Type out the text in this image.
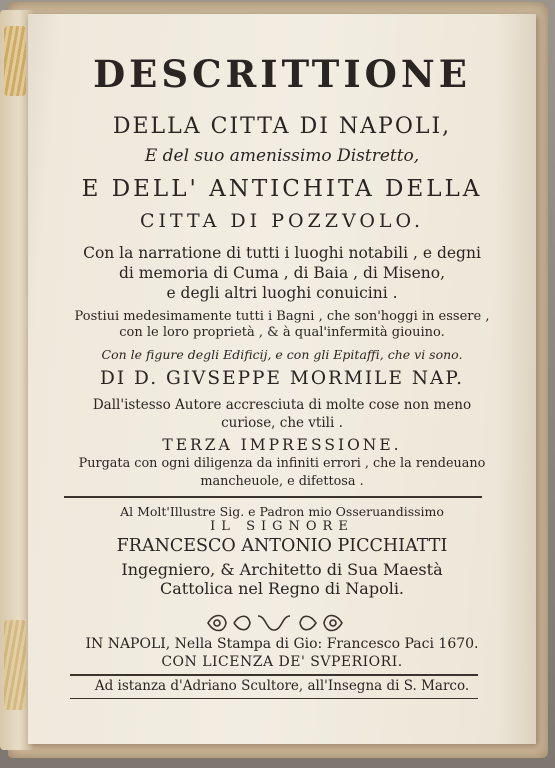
DESCRITTIONE
DELLA CITTA DI NAPOLI,
E del suo amenissimo Distretto,
E DELL' ANTICHITA DELLA
CITTA DI POZZVOLO.
Con la narratione di tutti i luoghi notabili , e degni
di memoria di Cuma , di Baia , di Miseno,
e degli altri luoghi conuicini .
Postiui medesimamente tutti i Bagni , che son'hoggi in essere ,
con le loro proprietà , & à qual'infermità giouino.
Con le figure degli Edificij, e con gli Epitaffi, che vi sono.
DI D. GIVSEPPE MORMILE NAP.
Dall'istesso Autore accresciuta di molte cose non meno
curiose, che vtili .
TERZA IMPRESSIONE.
Purgata con ogni diligenza da infiniti errori , che la rendeuano
mancheuole, e difettosa .
Al Molt'Illustre Sig. e Padron mio Osseruandissimo
IL SIGNORE
FRANCESCO ANTONIO PICCHIATTI
Ingegniero, & Architetto di Sua Maestà
Cattolica nel Regno di Napoli.
IN NAPOLI, Nella Stampa di Gio: Francesco Paci 1670.
CON LICENZA DE' SVPERIORI.
Ad istanza d'Adriano Scultore, all'Insegna di S. Marco.
